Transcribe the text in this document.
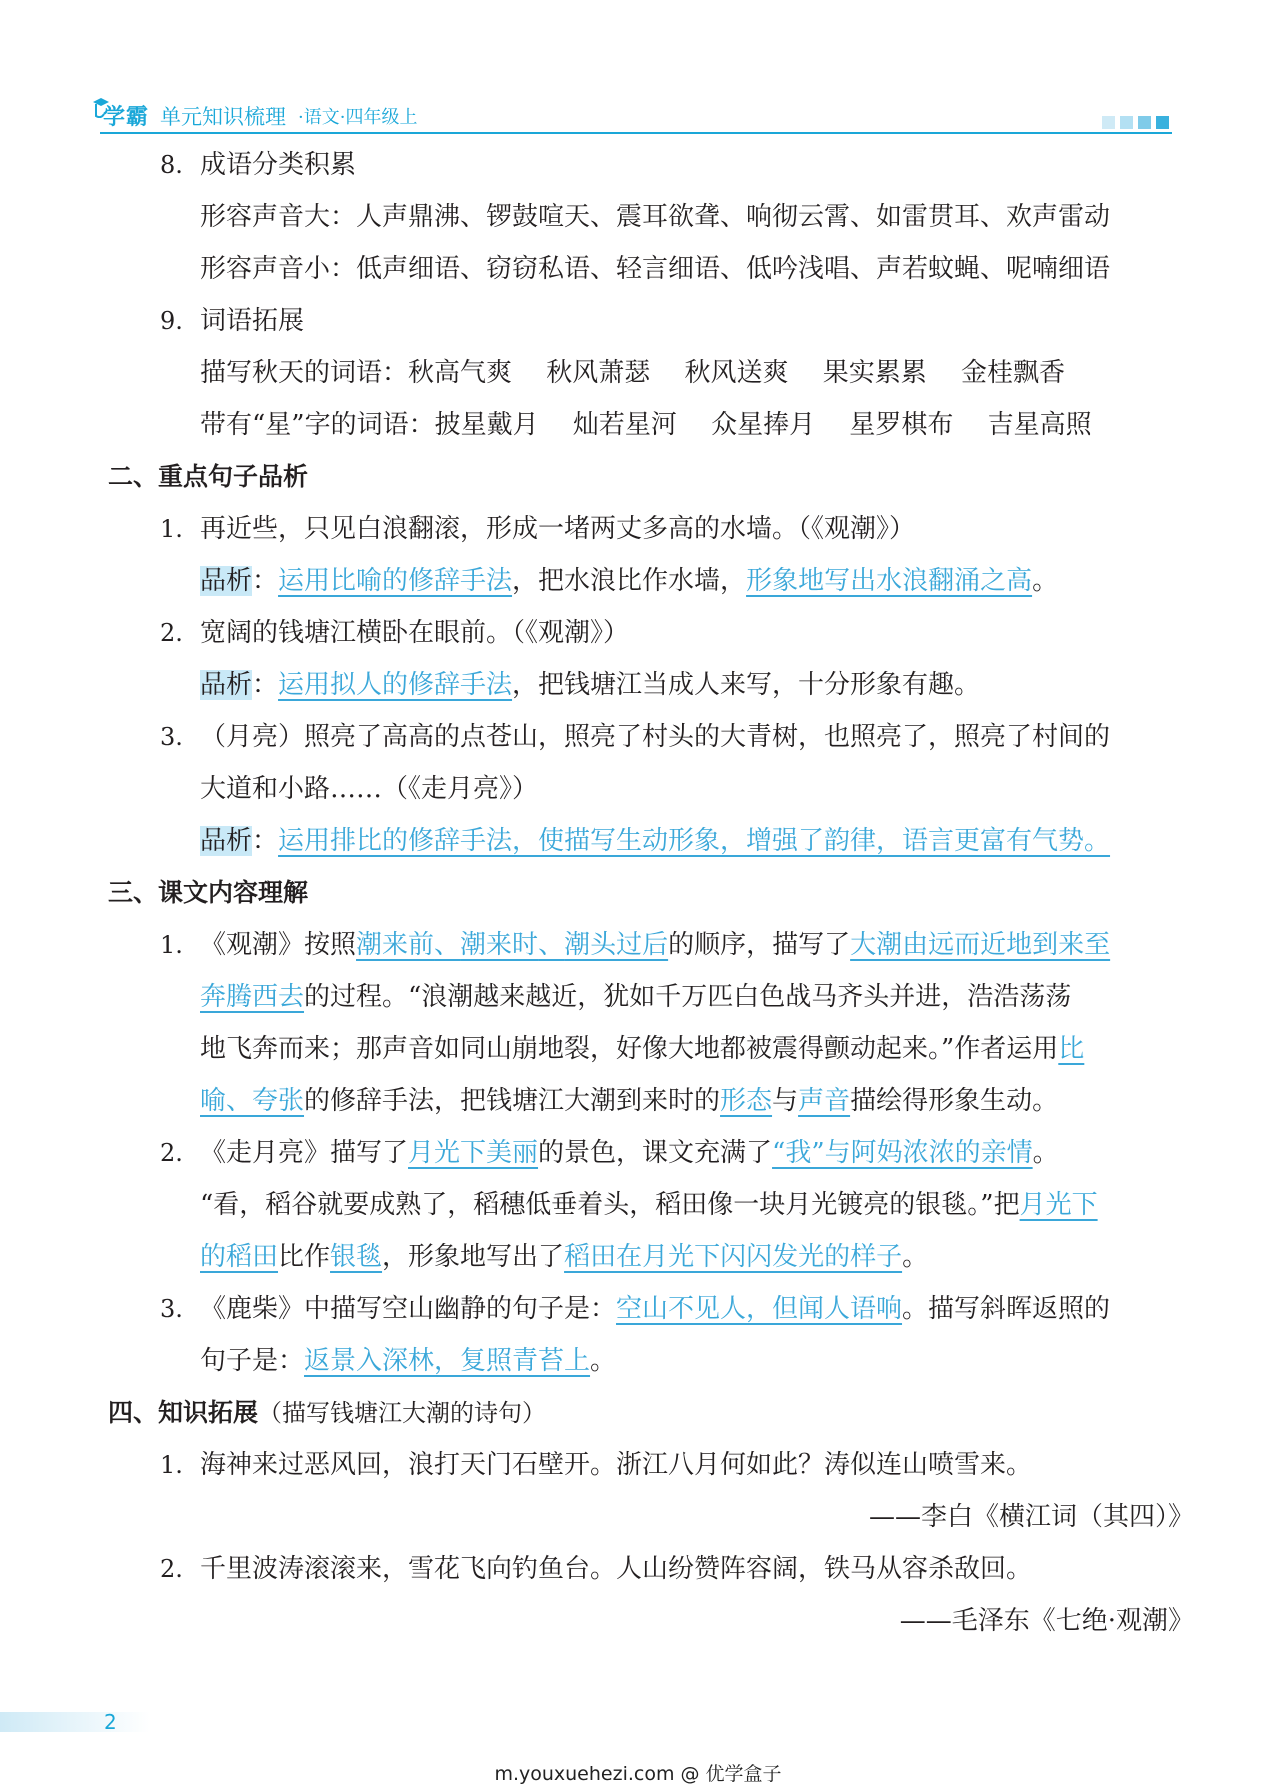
学霸 单元知识梳理 ·语文·四年级上
8. 成语分类积累
形容声音大：人声鼎沸、锣鼓喧天、震耳欲聋、响彻云霄、如雷贯耳、欢声雷动
形容声音小：低声细语、窃窃私语、轻言细语、低吟浅唱、声若蚊蝇、呢喃细语
9. 词语拓展
描写秋天的词语：秋高气爽　 秋风萧瑟　 秋风送爽　 果实累累　 金桂飘香
带有“星”字的词语：披星戴月　 灿若星河　 众星捧月　 星罗棋布　 吉星高照
二、重点句子品析
1. 再近些，只见白浪翻滚，形成一堵两丈多高的水墙。（《观潮》）
品析：运用比喻的修辞手法，把水浪比作水墙，形象地写出水浪翻涌之高。
2. 宽阔的钱塘江横卧在眼前。（《观潮》）
品析：运用拟人的修辞手法，把钱塘江当成人来写，十分形象有趣。
3. （月亮）照亮了高高的点苍山，照亮了村头的大青树，也照亮了，照亮了村间的
大道和小路……（《走月亮》）
品析：运用排比的修辞手法，使描写生动形象，增强了韵律，语言更富有气势。
三、课文内容理解
1. 《观潮》按照潮来前、潮来时、潮头过后的顺序，描写了大潮由远而近地到来至
奔腾西去的过程。“浪潮越来越近，犹如千万匹白色战马齐头并进，浩浩荡荡
地飞奔而来；那声音如同山崩地裂，好像大地都被震得颤动起来。”作者运用比
喻、夸张的修辞手法，把钱塘江大潮到来时的形态与声音描绘得形象生动。
2. 《走月亮》描写了月光下美丽的景色，课文充满了“我”与阿妈浓浓的亲情。
“看，稻谷就要成熟了，稻穗低垂着头，稻田像一块月光镀亮的银毯。”把月光下
的稻田比作银毯，形象地写出了稻田在月光下闪闪发光的样子。
3. 《鹿柴》中描写空山幽静的句子是：空山不见人，但闻人语响。描写斜晖返照的
句子是：返景入深林，复照青苔上。
四、知识拓展（描写钱塘江大潮的诗句）
1. 海神来过恶风回，浪打天门石壁开。浙江八月何如此？涛似连山喷雪来。
——李白《横江词（其四）》
2. 千里波涛滚滚来，雪花飞向钓鱼台。人山纷赞阵容阔，铁马从容杀敌回。
——毛泽东《七绝·观潮》
2
m.youxuehezi.com @ 优学盒子
